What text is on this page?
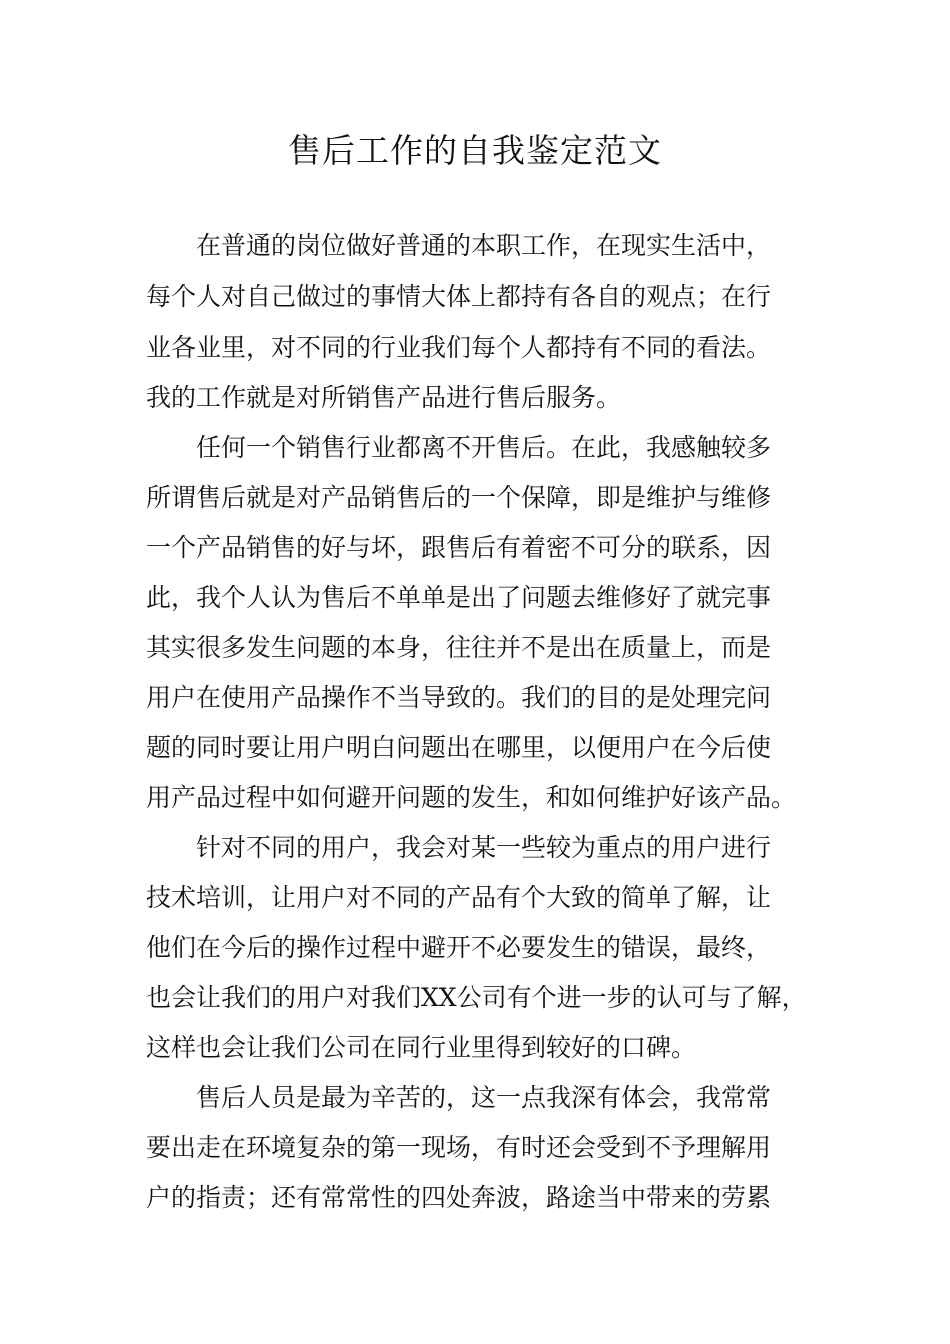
售后工作的自我鉴定范文
在普通的岗位做好普通的本职工作，在现实生活中，
每个人对自己做过的事情大体上都持有各自的观点；在行
业各业里，对不同的行业我们每个人都持有不同的看法。
我的工作就是对所销售产品进行售后服务。
任何一个销售行业都离不开售后。在此，我感触较多
所谓售后就是对产品销售后的一个保障，即是维护与维修
一个产品销售的好与坏，跟售后有着密不可分的联系，因
此，我个人认为售后不单单是出了问题去维修好了就完事
其实很多发生问题的本身，往往并不是出在质量上，而是
用户在使用产品操作不当导致的。我们的目的是处理完问
题的同时要让用户明白问题出在哪里，以便用户在今后使
用产品过程中如何避开问题的发生，和如何维护好该产品。
针对不同的用户，我会对某一些较为重点的用户进行
技术培训，让用户对不同的产品有个大致的简单了解，让
他们在今后的操作过程中避开不必要发生的错误，最终，
也会让我们的用户对我们XX公司有个进一步的认可与了解，
这样也会让我们公司在同行业里得到较好的口碑。
售后人员是最为辛苦的，这一点我深有体会，我常常
要出走在环境复杂的第一现场，有时还会受到不予理解用
户的指责；还有常常性的四处奔波，路途当中带来的劳累
